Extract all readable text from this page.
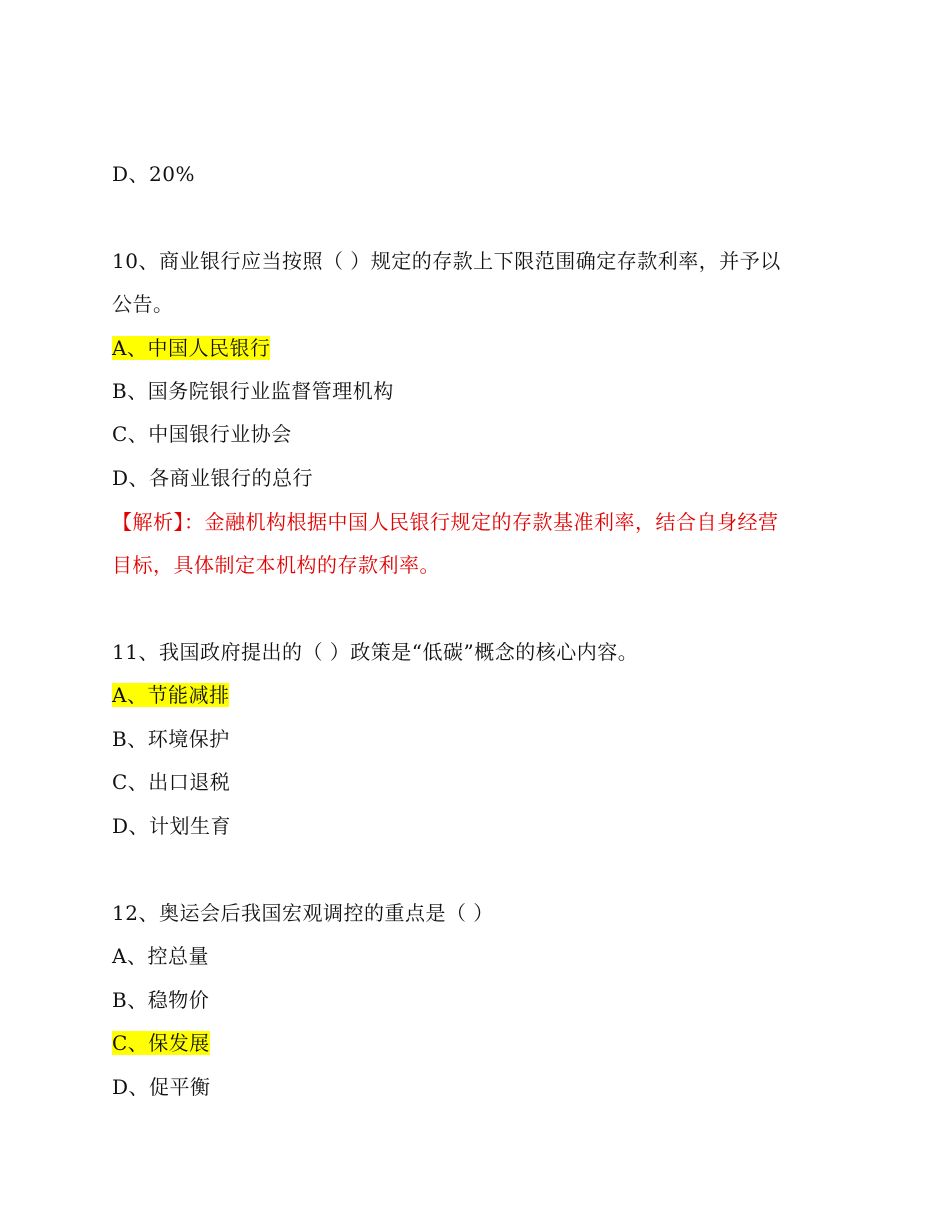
D、20%
10、商业银行应当按照（ ）规定的存款上下限范围确定存款利率，并予以
公告。
A、中国人民银行
B、国务院银行业监督管理机构
C、中国银行业协会
D、各商业银行的总行
【解析】：金融机构根据中国人民银行规定的存款基准利率，结合自身经营
目标，具体制定本机构的存款利率。
11、我国政府提出的（ ）政策是“低碳”概念的核心内容。
A、节能减排
B、环境保护
C、出口退税
D、计划生育
12、奥运会后我国宏观调控的重点是（ ）
A、控总量
B、稳物价
C、保发展
D、促平衡
